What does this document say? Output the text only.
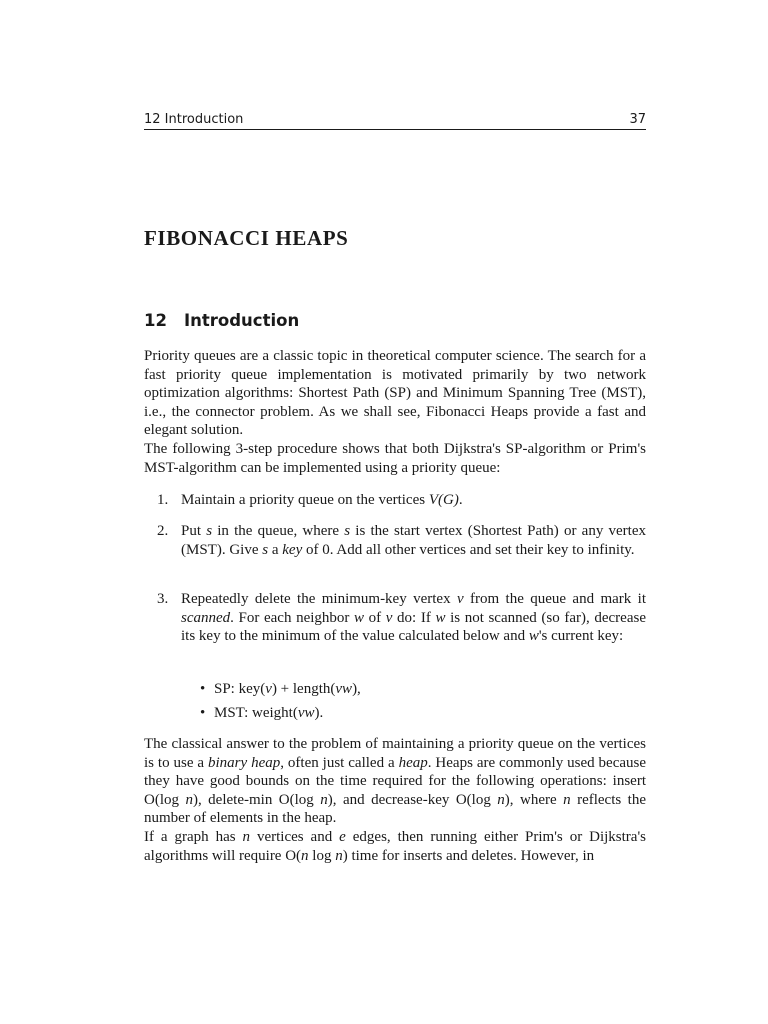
12 Introduction	37
FIBONACCI HEAPS
12 Introduction

Priority queues are a classic topic in theoretical computer science. The search for a fast priority queue implementation is motivated primarily by two network optimization algorithms: Shortest Path (SP) and Minimum Spanning Tree (MST), i.e., the connector problem. As we shall see, Fibonacci Heaps provide a fast and elegant solution.

The following 3-step procedure shows that both Dijkstra's SP-algorithm or Prim's MST-algorithm can be implemented using a priority queue:

1. Maintain a priority queue on the vertices V(G).
2. Put s in the queue, where s is the start vertex (Shortest Path) or any vertex (MST). Give s a key of 0. Add all other vertices and set their key to infinity.
3. Repeatedly delete the minimum-key vertex v from the queue and mark it scanned. For each neighbor w of v do: If w is not scanned (so far), decrease its key to the minimum of the value calculated below and w's current key:
• SP: key(v) + length(vw),
• MST: weight(vw).

The classical answer to the problem of maintaining a priority queue on the vertices is to use a binary heap, often just called a heap. Heaps are commonly used because they have good bounds on the time required for the following operations: insert O(log n), delete-min O(log n), and decrease-key O(log n), where n reflects the number of elements in the heap.

If a graph has n vertices and e edges, then running either Prim's or Dijkstra's algorithms will require O(n log n) time for inserts and deletes. However, in
